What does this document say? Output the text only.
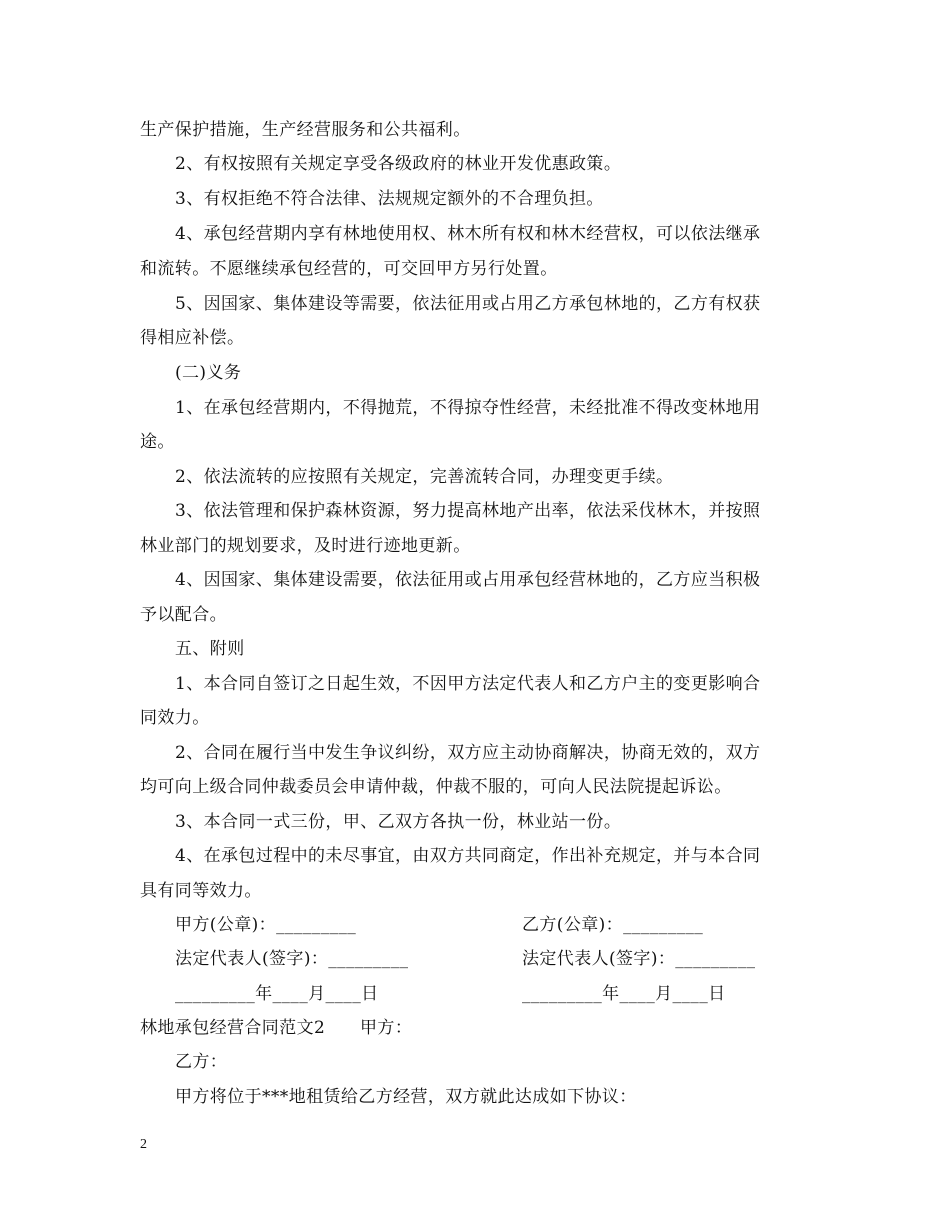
生产保护措施，生产经营服务和公共福利。
2、有权按照有关规定享受各级政府的林业开发优惠政策。
3、有权拒绝不符合法律、法规规定额外的不合理负担。
4、承包经营期内享有林地使用权、林木所有权和林木经营权，可以依法继承
和流转。不愿继续承包经营的，可交回甲方另行处置。
5、因国家、集体建设等需要，依法征用或占用乙方承包林地的，乙方有权获
得相应补偿。
(二)义务
1、在承包经营期内，不得抛荒，不得掠夺性经营，未经批准不得改变林地用
途。
2、依法流转的应按照有关规定，完善流转合同，办理变更手续。
3、依法管理和保护森林资源，努力提高林地产出率，依法采伐林木，并按照
林业部门的规划要求，及时进行迹地更新。
4、因国家、集体建设需要，依法征用或占用承包经营林地的，乙方应当积极
予以配合。
五、附则
1、本合同自签订之日起生效，不因甲方法定代表人和乙方户主的变更影响合
同效力。
2、合同在履行当中发生争议纠纷，双方应主动协商解决，协商无效的，双方
均可向上级合同仲裁委员会申请仲裁，仲裁不服的，可向人民法院提起诉讼。
3、本合同一式三份，甲、乙双方各执一份，林业站一份。
4、在承包过程中的未尽事宜，由双方共同商定，作出补充规定，并与本合同
具有同等效力。
甲方(公章)：_________	乙方(公章)：_________
法定代表人(签字)：_________	法定代表人(签字)：_________
_________年____月____日	_________年____月____日
林地承包经营合同范文2　　甲方：
乙方：
甲方将位于***地租赁给乙方经营，双方就此达成如下协议：
2
